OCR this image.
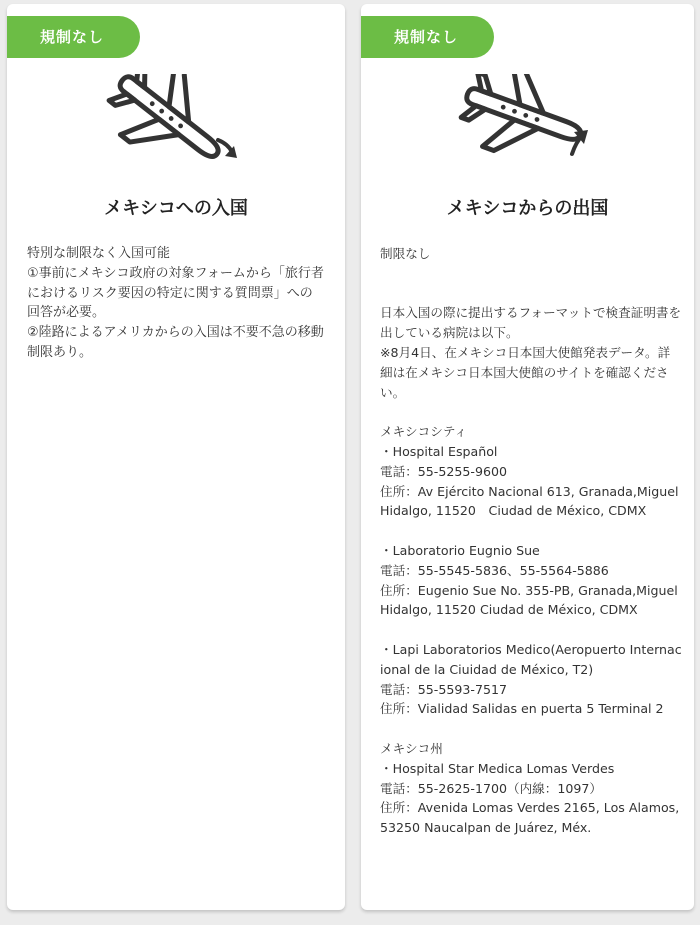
規制なし
メキシコへの入国
特別な制限なく入国可能
①事前にメキシコ政府の対象フォームから「旅行者におけるリスク要因の特定に関する質問票」への回答が必要。
②陸路によるアメリカからの入国は不要不急の移動制限あり。
規制なし
メキシコからの出国
制限なし

日本入国の際に提出するフォーマットで検査証明書を出している病院は以下。
※8月4日、在メキシコ日本国大使館発表データ。詳細は在メキシコ日本国大使館のサイトを確認ください。

メキシコシティ
・Hospital Español
電話：55-5255-9600
住所：Av Ejército Nacional 613, Granada,Miguel Hidalgo, 11520　Ciudad de México, CDMX

・Laboratorio Eugnio Sue
電話：55-5545-5836、55-5564-5886
住所：Eugenio Sue No. 355-PB, Granada,Miguel Hidalgo, 11520 Ciudad de México, CDMX

・Lapi Laboratorios Medico(Aeropuerto Internacional de la Ciuidad de México, T2)
電話：55-5593-7517
住所：Vialidad Salidas en puerta 5 Terminal 2

メキシコ州
・Hospital Star Medica Lomas Verdes
電話：55-2625-1700（内線：1097）
住所：Avenida Lomas Verdes 2165, Los Alamos, 53250 Naucalpan de Juárez, Méx.
